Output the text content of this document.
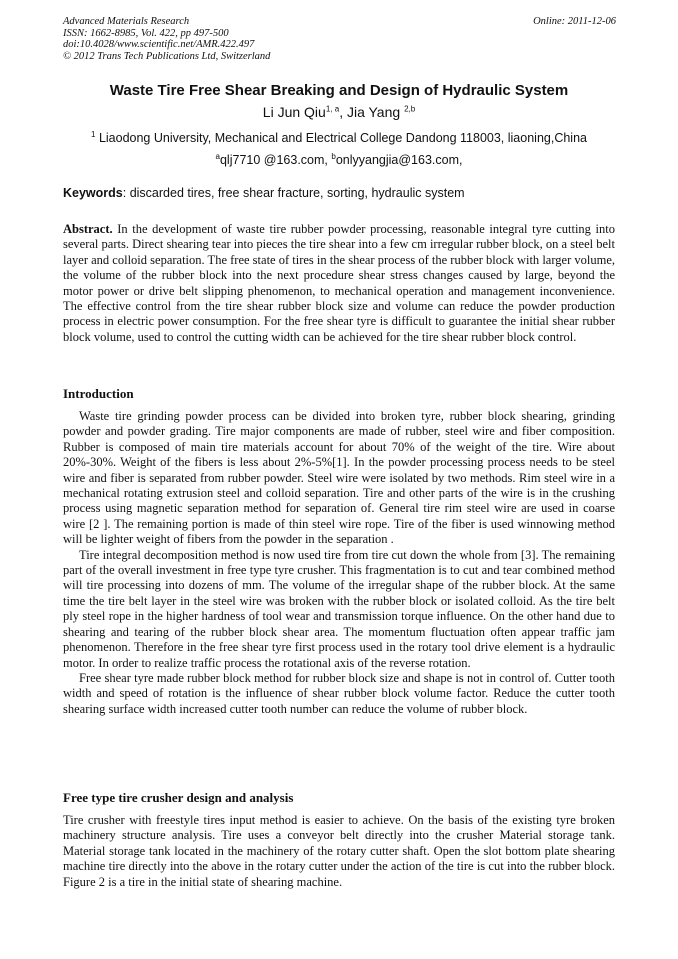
Advanced Materials Research
ISSN: 1662-8985, Vol. 422, pp 497-500
doi:10.4028/www.scientific.net/AMR.422.497
© 2012 Trans Tech Publications Ltd, Switzerland
Online: 2011-12-06
Waste Tire Free Shear Breaking and Design of Hydraulic System
Li Jun Qiu$^{1, a}$, Jia Yang $^{2,b}$
$^1$ Liaodong University, Mechanical and Electrical College Dandong 118003, liaoning,China
$^a$qlj7710 @163.com, $^b$onlyyangjia@163.com,
Keywords: discarded tires, free shear fracture, sorting, hydraulic system

Abstract. In the development of waste tire rubber powder processing, reasonable integral tyre cutting into several parts. Direct shearing tear into pieces the tire shear into a few cm irregular rubber block, on a steel belt layer and colloid separation. The free state of tires in the shear process of the rubber block with larger volume, the volume of the rubber block into the next procedure shear stress changes caused by large, beyond the motor power or drive belt slipping phenomenon, to mechanical operation and management inconvenience. The effective control from the tire shear rubber block size and volume can reduce the powder production process in electric power consumption. For the free shear tyre is difficult to guarantee the initial shear rubber block volume, used to control the cutting width can be achieved for the tire shear rubber block control.

Introduction

Waste tire grinding powder process can be divided into broken tyre, rubber block shearing, grinding powder and powder grading. Tire major components are made of rubber, steel wire and fiber composition. Rubber is composed of main tire materials account for about 70% of the weight of the tire. Wire about 20%-30%. Weight of the fibers is less about 2%-5%[1]. In the powder processing process needs to be steel wire and fiber is separated from rubber powder. Steel wire were isolated by two methods. Rim steel wire in a mechanical rotating extrusion steel and colloid separation. Tire and other parts of the wire is in the crushing process using magnetic separation method for separation of. General tire rim steel wire are used in coarse wire [2 ]. The remaining portion is made of thin steel wire rope. Tire of the fiber is used winnowing method will be lighter weight of fibers from the powder in the separation .

Tire integral decomposition method is now used tire from tire cut down the whole from [3]. The remaining part of the overall investment in free type tyre crusher. This fragmentation is to cut and tear combined method will tire processing into dozens of mm. The volume of the irregular shape of the rubber block. At the same time the tire belt layer in the steel wire was broken with the rubber block or isolated colloid. As the tire belt ply steel rope in the higher hardness of tool wear and transmission torque influence. On the other hand due to shearing and tearing of the rubber block shear area. The momentum fluctuation often appear traffic jam phenomenon. Therefore in the free shear tyre first process used in the rotary tool drive element is a hydraulic motor. In order to realize traffic process the rotational axis of the reverse rotation.

Free shear tyre made rubber block method for rubber block size and shape is not in control of. Cutter tooth width and speed of rotation is the influence of shear rubber block volume factor. Reduce the cutter tooth shearing surface width increased cutter tooth number can reduce the volume of rubber block.

Free type tire crusher design and analysis

Tire crusher with freestyle tires input method is easier to achieve. On the basis of the existing tyre broken machinery structure analysis. Tire uses a conveyor belt directly into the crusher Material storage tank. Material storage tank located in the machinery of the rotary cutter shaft. Open the slot bottom plate shearing machine tire directly into the above in the rotary cutter under the action of the tire is cut into the rubber block. Figure 2 is a tire in the initial state of shearing machine.
